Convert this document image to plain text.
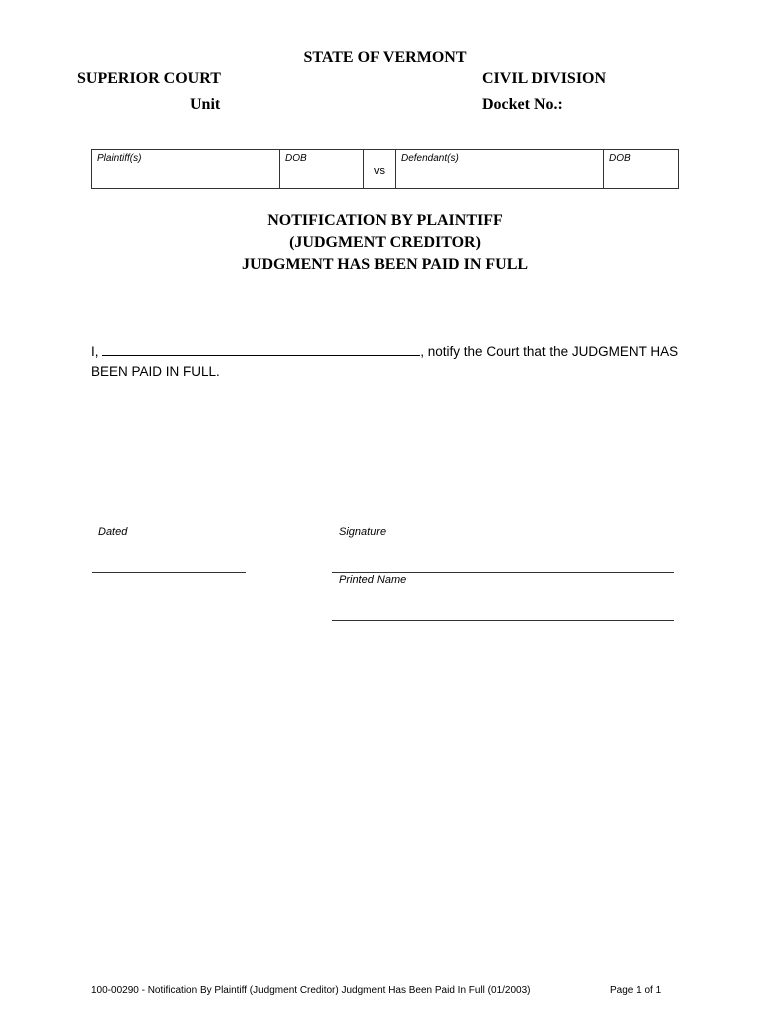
STATE OF VERMONT
SUPERIOR COURT
Unit
CIVIL DIVISION
Docket No.:
Plaintiff(s)	DOB
vs
Defendant(s)	DOB
NOTIFICATION BY PLAINTIFF
(JUDGMENT CREDITOR)
JUDGMENT HAS BEEN PAID IN FULL
I,	, notify the Court that the JUDGMENT HAS BEEN PAID IN FULL.
Dated	Signature
Printed Name
100-00290 - Notification By Plaintiff (Judgment Creditor) Judgment Has Been Paid In Full (01/2003)	Page 1 of 1
